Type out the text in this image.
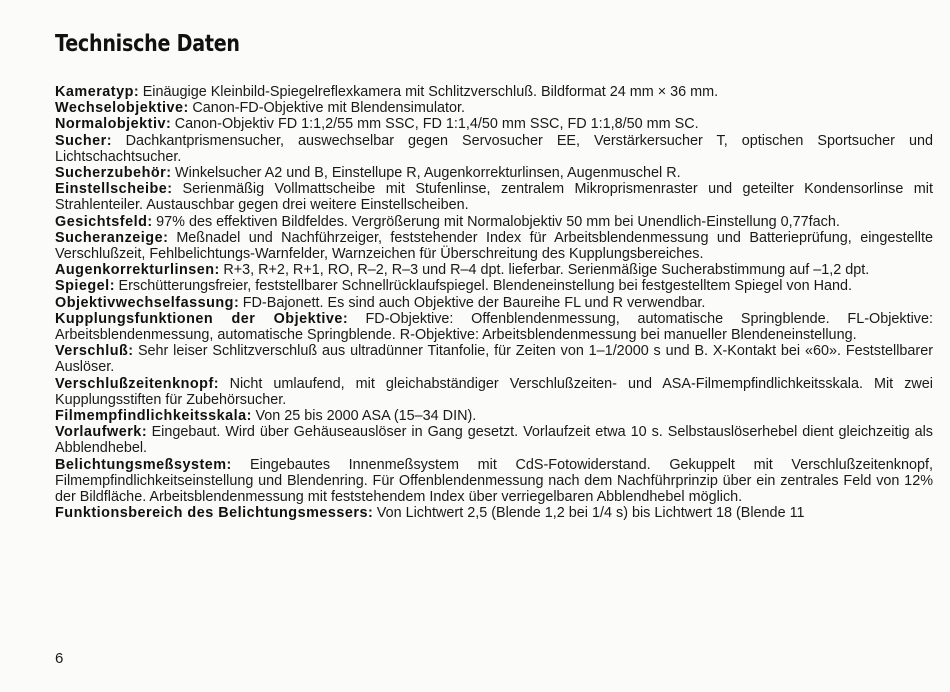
Technische Daten

Kameratyp: Einäugige Kleinbild-Spiegelreflexkamera mit Schlitzverschluß. Bildformat 24 mm × 36 mm.

Wechselobjektive: Canon-FD-Objektive mit Blendensimulator.

Normalobjektiv: Canon-Objektiv FD 1:1,2/55 mm SSC, FD 1:1,4/50 mm SSC, FD 1:1,8/50 mm SC.

Sucher: Dachkantprismensucher, auswechselbar gegen Servosucher EE, Verstärkersucher T, optischen Sportsucher und Lichtschachtsucher.

Sucherzubehör: Winkelsucher A2 und B, Einstellupe R, Augenkorrekturlinsen, Augenmuschel R.

Einstellscheibe: Serienmäßig Vollmattscheibe mit Stufenlinse, zentralem Mikroprismenraster und geteilter Kondensorlinse mit Strahlenteiler. Austauschbar gegen drei weitere Einstellscheiben.

Gesichtsfeld: 97% des effektiven Bildfeldes. Vergrößerung mit Normalobjektiv 50 mm bei Unendlich-Einstellung 0,77fach.

Sucheranzeige: Meßnadel und Nachführzeiger, feststehender Index für Arbeitsblendenmessung und Batterieprüfung, eingestellte Verschlußzeit, Fehlbelichtungs-Warnfelder, Warnzeichen für Überschreitung des Kupplungsbereiches.

Augenkorrekturlinsen: R+3, R+2, R+1, RO, R–2, R–3 und R–4 dpt. lieferbar. Serienmäßige Sucherabstimmung auf –1,2 dpt.

Spiegel: Erschütterungsfreier, feststellbarer Schnellrücklaufspiegel. Blendeneinstellung bei festgestelltem Spiegel von Hand.

Objektivwechselfassung: FD-Bajonett. Es sind auch Objektive der Baureihe FL und R verwendbar.

Kupplungsfunktionen der Objektive: FD-Objektive: Offenblendenmessung, automatische Springblende. FL-Objektive: Arbeitsblendenmessung, automatische Springblende. R-Objektive: Arbeitsblendenmessung bei manueller Blendeneinstellung.

Verschluß: Sehr leiser Schlitzverschluß aus ultradünner Titanfolie, für Zeiten von 1–1/2000 s und B. X-Kontakt bei «60». Feststellbarer Auslöser.

Verschlußzeitenknopf: Nicht umlaufend, mit gleichabständiger Verschlußzeiten- und ASA-Filmempfindlichkeitsskala. Mit zwei Kupplungsstiften für Zubehörsucher.

Filmempfindlichkeitsskala: Von 25 bis 2000 ASA (15–34 DIN).

Vorlaufwerk: Eingebaut. Wird über Gehäuseauslöser in Gang gesetzt. Vorlaufzeit etwa 10 s. Selbstauslöserhebel dient gleichzeitig als Abblendhebel.

Belichtungsmeßsystem: Eingebautes Innenmeßsystem mit CdS-Fotowiderstand. Gekuppelt mit Verschlußzeitenknopf, Filmempfindlichkeitseinstellung und Blendenring. Für Offenblendenmessung nach dem Nachführprinzip über ein zentrales Feld von 12% der Bildfläche. Arbeitsblendenmessung mit feststehendem Index über verriegelbaren Abblendhebel möglich.

Funktionsbereich des Belichtungsmessers: Von Lichtwert 2,5 (Blende 1,2 bei 1/4 s) bis Lichtwert 18 (Blende 11

6
